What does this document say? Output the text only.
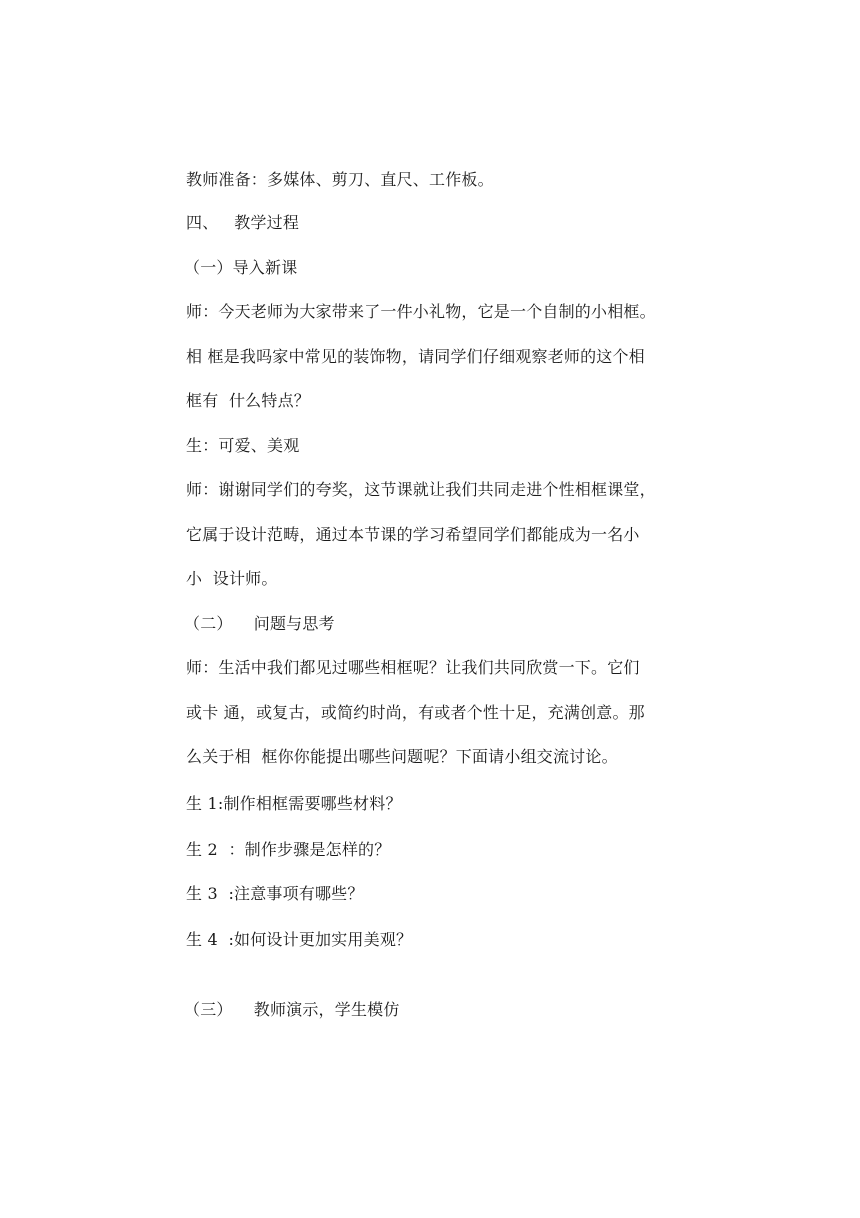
教师准备：多媒体、剪刀、直尺、工作板。
四、   教学过程
（一）导入新课
师：今天老师为大家带来了一件小礼物，它是一个自制的小相框。
相 框是我吗家中常见的装饰物，请同学们仔细观察老师的这个相
框有  什么特点？
生：可爱、美观
师：谢谢同学们的夸奖，这节课就让我们共同走进个性相框课堂，
它属于设计范畴，通过本节课的学习希望同学们都能成为一名小
小  设计师。
（二）    问题与思考
师：生活中我们都见过哪些相框呢？让我们共同欣赏一下。它们
或卡 通，或复古，或简约时尚，有或者个性十足，充满创意。那
么关于相  框你你能提出哪些问题呢？下面请小组交流讨论。
生 1:制作相框需要哪些材料？
生 2  ：制作步骤是怎样的？
生 3  :注意事项有哪些？
生 4  :如何设计更加实用美观？
（三）    教师演示，学生模仿
